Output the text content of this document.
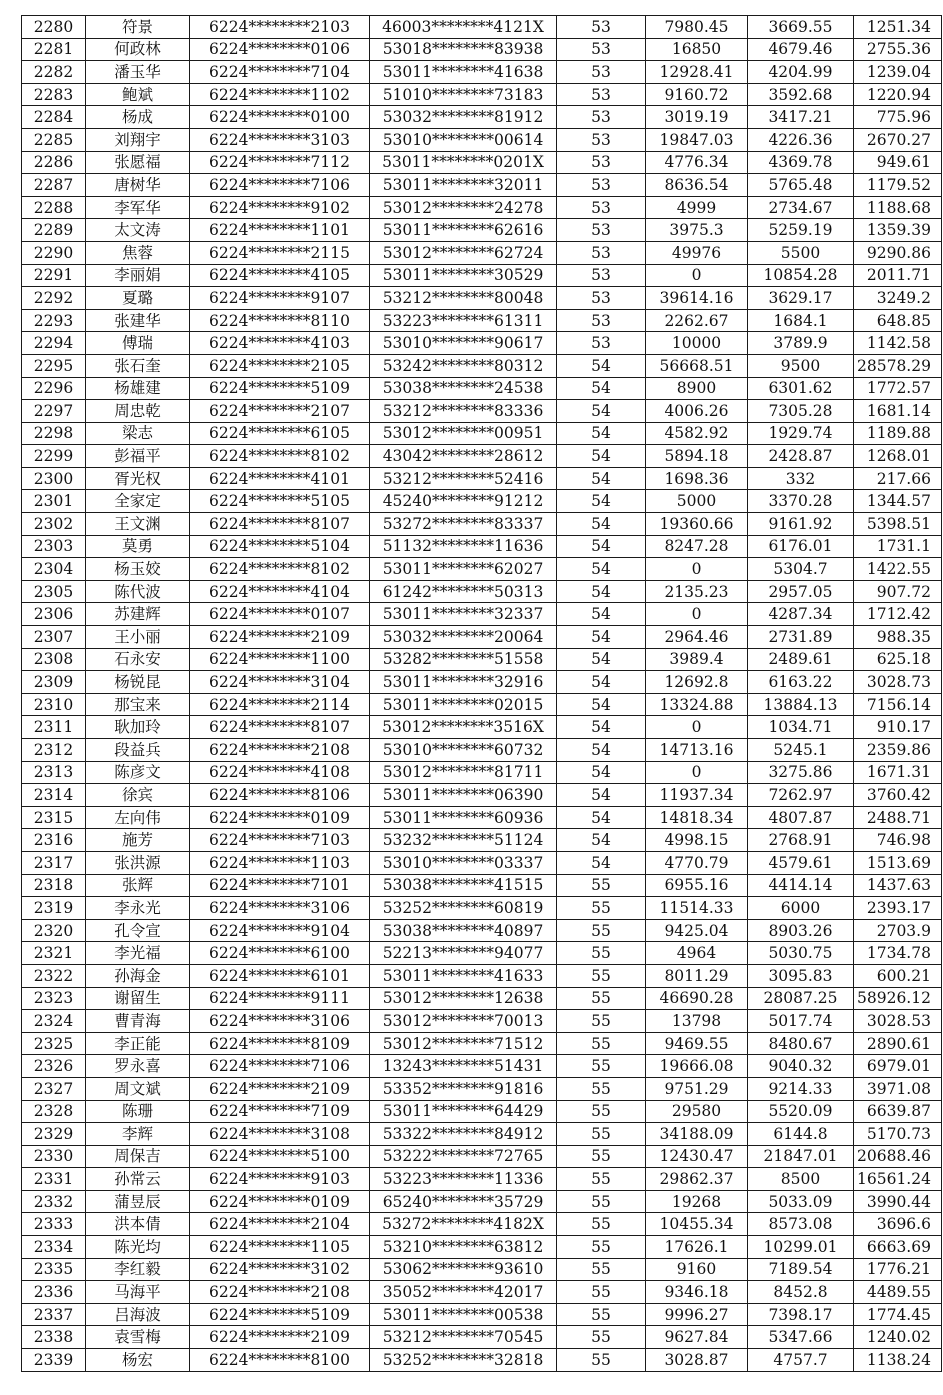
2280	符景	6224********2103	46003********4121X	53	7980.45	3669.55	1251.34
2281	何政林	6224********0106	53018********83938	53	16850	4679.46	2755.36
2282	潘玉华	6224********7104	53011********41638	53	12928.41	4204.99	1239.04
2283	鲍斌	6224********1102	51010********73183	53	9160.72	3592.68	1220.94
2284	杨成	6224********0100	53032********81912	53	3019.19	3417.21	775.96
2285	刘翔宇	6224********3103	53010********00614	53	19847.03	4226.36	2670.27
2286	张愿福	6224********7112	53011********0201X	53	4776.34	4369.78	949.61
2287	唐树华	6224********7106	53011********32011	53	8636.54	5765.48	1179.52
2288	李军华	6224********9102	53012********24278	53	4999	2734.67	1188.68
2289	太文涛	6224********1101	53011********62616	53	3975.3	5259.19	1359.39
2290	焦蓉	6224********2115	53012********62724	53	49976	5500	9290.86
2291	李丽娟	6224********4105	53011********30529	53	0	10854.28	2011.71
2292	夏璐	6224********9107	53212********80048	53	39614.16	3629.17	3249.2
2293	张建华	6224********8110	53223********61311	53	2262.67	1684.1	648.85
2294	傅瑞	6224********4103	53010********90617	53	10000	3789.9	1142.58
2295	张石奎	6224********2105	53242********80312	54	56668.51	9500	28578.29
2296	杨雄建	6224********5109	53038********24538	54	8900	6301.62	1772.57
2297	周忠乾	6224********2107	53212********83336	54	4006.26	7305.28	1681.14
2298	梁志	6224********6105	53012********00951	54	4582.92	1929.74	1189.88
2299	彭福平	6224********8102	43042********28612	54	5894.18	2428.87	1268.01
2300	胥光权	6224********4101	53212********52416	54	1698.36	332	217.66
2301	全家定	6224********5105	45240********91212	54	5000	3370.28	1344.57
2302	王文渊	6224********8107	53272********83337	54	19360.66	9161.92	5398.51
2303	莫勇	6224********5104	51132********11636	54	8247.28	6176.01	1731.1
2304	杨玉姣	6224********8102	53011********62027	54	0	5304.7	1422.55
2305	陈代波	6224********4104	61242********50313	54	2135.23	2957.05	907.72
2306	苏建辉	6224********0107	53011********32337	54	0	4287.34	1712.42
2307	王小丽	6224********2109	53032********20064	54	2964.46	2731.89	988.35
2308	石永安	6224********1100	53282********51558	54	3989.4	2489.61	625.18
2309	杨锐昆	6224********3104	53011********32916	54	12692.8	6163.22	3028.73
2310	那宝来	6224********2114	53011********02015	54	13324.88	13884.13	7156.14
2311	耿加玲	6224********8107	53012********3516X	54	0	1034.71	910.17
2312	段益兵	6224********2108	53010********60732	54	14713.16	5245.1	2359.86
2313	陈彦文	6224********4108	53012********81711	54	0	3275.86	1671.31
2314	徐宾	6224********8106	53011********06390	54	11937.34	7262.97	3760.42
2315	左向伟	6224********0109	53011********60936	54	14818.34	4807.87	2488.71
2316	施芳	6224********7103	53232********51124	54	4998.15	2768.91	746.98
2317	张洪源	6224********1103	53010********03337	54	4770.79	4579.61	1513.69
2318	张辉	6224********7101	53038********41515	55	6955.16	4414.14	1437.63
2319	李永光	6224********3106	53252********60819	55	11514.33	6000	2393.17
2320	孔令宣	6224********9104	53038********40897	55	9425.04	8903.26	2703.9
2321	李光福	6224********6100	52213********94077	55	4964	5030.75	1734.78
2322	孙海金	6224********6101	53011********41633	55	8011.29	3095.83	600.21
2323	谢留生	6224********9111	53012********12638	55	46690.28	28087.25	58926.12
2324	曹青海	6224********3106	53012********70013	55	13798	5017.74	3028.53
2325	李正能	6224********8109	53012********71512	55	9469.55	8480.67	2890.61
2326	罗永喜	6224********7106	13243********51431	55	19666.08	9040.32	6979.01
2327	周文斌	6224********2109	53352********91816	55	9751.29	9214.33	3971.08
2328	陈珊	6224********7109	53011********64429	55	29580	5520.09	6639.87
2329	李辉	6224********3108	53322********84912	55	34188.09	6144.8	5170.73
2330	周保吉	6224********5100	53222********72765	55	12430.47	21847.01	20688.46
2331	孙常云	6224********9103	53223********11336	55	29862.37	8500	16561.24
2332	蒲昱辰	6224********0109	65240********35729	55	19268	5033.09	3990.44
2333	洪本倩	6224********2104	53272********4182X	55	10455.34	8573.08	3696.6
2334	陈光均	6224********1105	53210********63812	55	17626.1	10299.01	6663.69
2335	李红毅	6224********3102	53062********93610	55	9160	7189.54	1776.21
2336	马海平	6224********2108	35052********42017	55	9346.18	8452.8	4489.55
2337	吕海波	6224********5109	53011********00538	55	9996.27	7398.17	1774.45
2338	袁雪梅	6224********2109	53212********70545	55	9627.84	5347.66	1240.02
2339	杨宏	6224********8100	53252********32818	55	3028.87	4757.7	1138.24
